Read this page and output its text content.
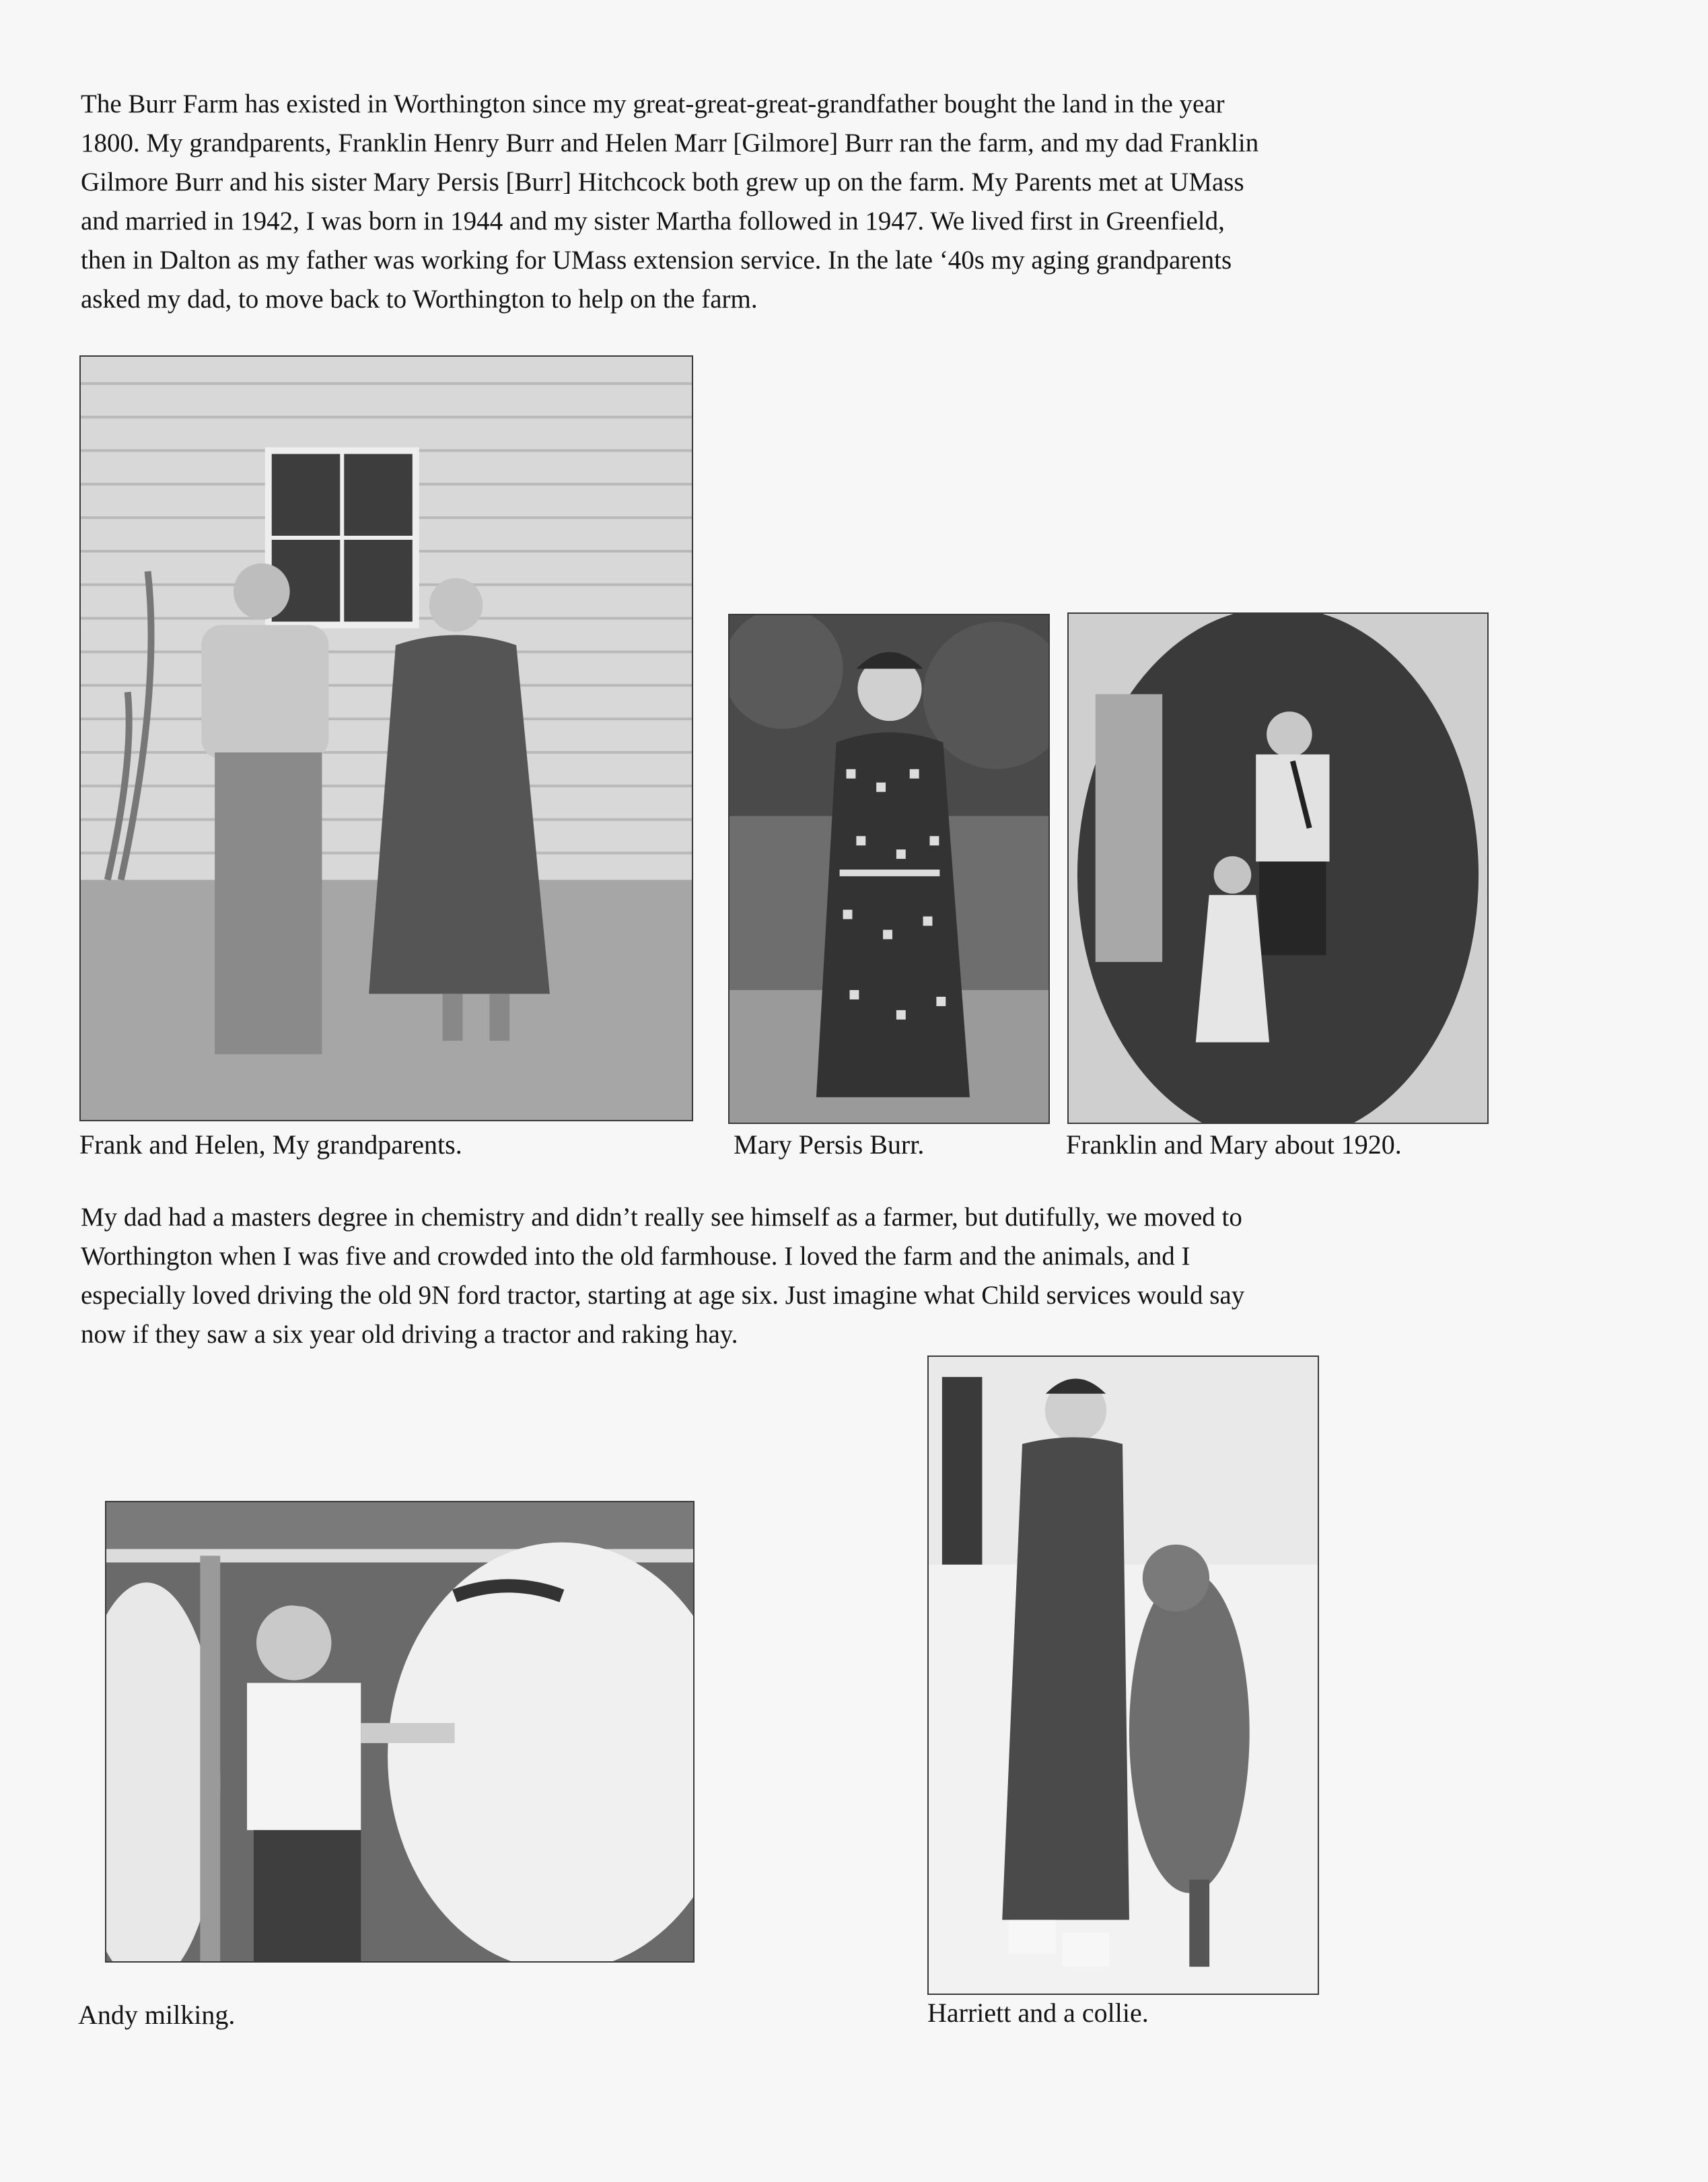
The Burr Farm has existed in Worthington since my great-great-great-grandfather bought the land in the year
1800. My grandparents, Franklin Henry Burr and Helen Marr [Gilmore] Burr ran the farm, and my dad Franklin
Gilmore Burr and his sister Mary Persis [Burr] Hitchcock both grew up on the farm. My Parents met at UMass
and married in 1942, I was born in 1944 and my sister Martha followed in 1947. We lived first in Greenfield,
then in Dalton as my father was working for UMass extension service. In the late ‘40s my aging grandparents
asked my dad, to move back to Worthington to help on the farm.

Frank and Helen, My grandparents.	Mary Persis Burr.	Franklin and Mary about 1920.

My dad had a masters degree in chemistry and didn’t really see himself as a farmer, but dutifully, we moved to
Worthington when I was five and crowded into the old farmhouse. I loved the farm and the animals, and I
especially loved driving the old 9N ford tractor, starting at age six. Just imagine what Child services would say
now if they saw a six year old driving a tractor and raking hay.

Andy milking.	Harriett and a collie.
